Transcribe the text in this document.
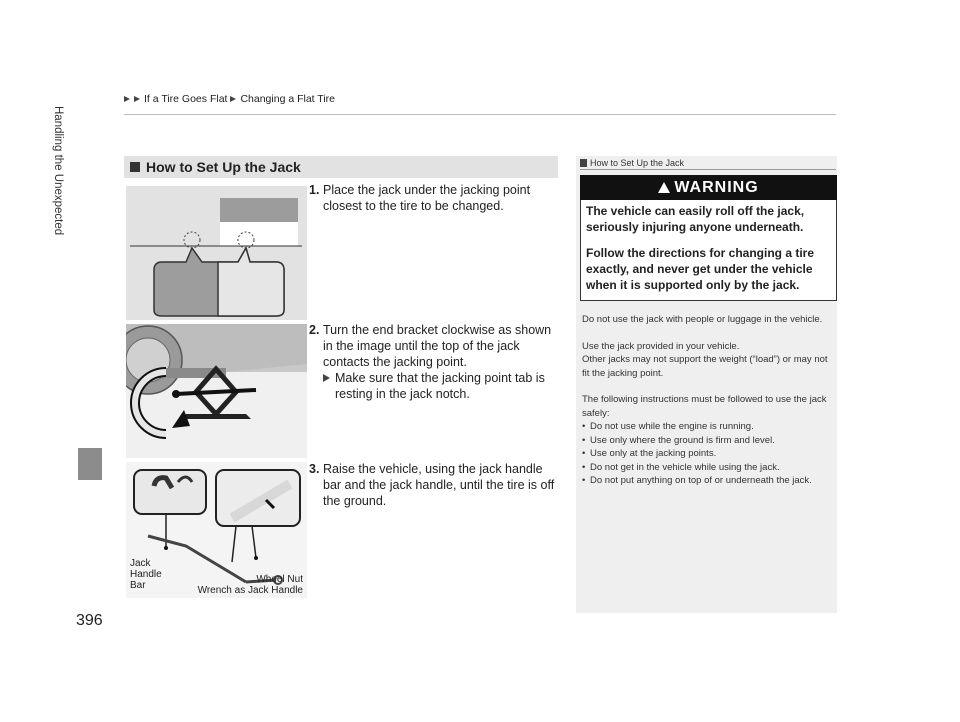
If a Tire Goes Flat Changing a Flat Tire
Handling the Unexpected
396
How to Set Up the Jack
Jack
Handle
Bar
Wheel Nut
Wrench as Jack Handle
1. Place the jack under the jacking point closest to the tire to be changed.
2. Turn the end bracket clockwise as shown in the image until the top of the jack contacts the jacking point.
Make sure that the jacking point tab is resting in the jack notch.
3. Raise the vehicle, using the jack handle bar and the jack handle, until the tire is off the ground.
How to Set Up the Jack
WARNING

The vehicle can easily roll off the jack, seriously injuring anyone underneath.

Follow the directions for changing a tire exactly, and never get under the vehicle when it is supported only by the jack.

Do not use the jack with people or luggage in the vehicle.

Use the jack provided in your vehicle.
Other jacks may not support the weight (“load”) or may not fit the jacking point.

The following instructions must be followed to use the jack safely:

• Do not use while the engine is running.
• Use only where the ground is firm and level.
• Use only at the jacking points.
• Do not get in the vehicle while using the jack.
• Do not put anything on top of or underneath the jack.
